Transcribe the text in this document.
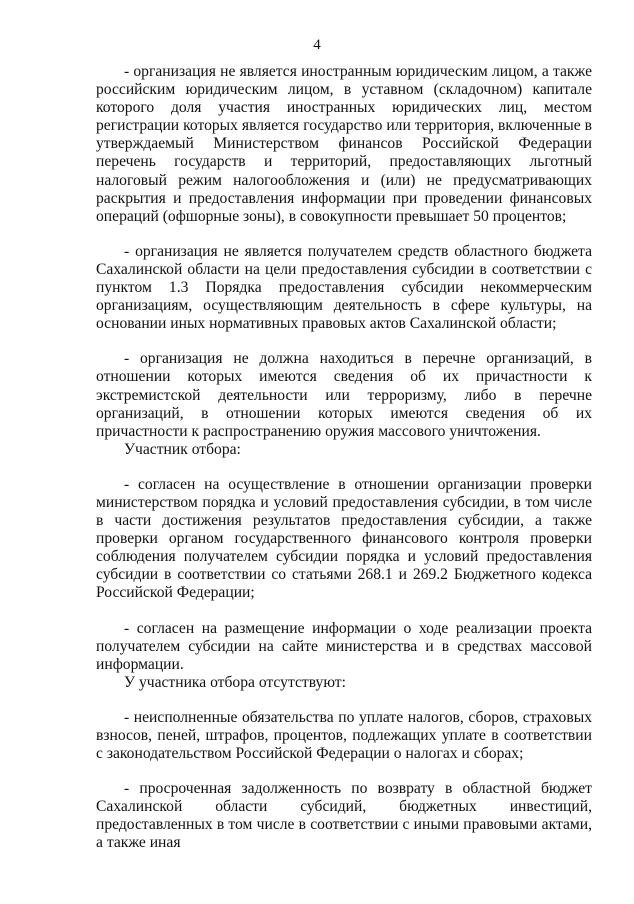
4

- организация не является иностранным юридическим лицом, а также российским юридическим лицом, в уставном (складочном) капитале которого доля участия иностранных юридических лиц, местом регистрации которых является государство или территория, включенные в утверждаемый Министерством финансов Российской Федерации перечень государств и территорий, предоставляющих льготный налоговый режим налогообложения и (или) не предусматривающих раскрытия и предоставления информации при проведении финансовых операций (офшорные зоны), в совокупности превышает 50 процентов;

- организация не является получателем средств областного бюджета Сахалинской области на цели предоставления субсидии в соответствии с пунктом 1.3 Порядка предоставления субсидии некоммерческим организациям, осуществляющим деятельность в сфере культуры, на основании иных нормативных правовых актов Сахалинской области;

- организация не должна находиться в перечне организаций, в отношении которых имеются сведения об их причастности к экстремистской деятельности или терроризму, либо в перечне организаций, в отношении которых имеются сведения об их причастности к распространению оружия массового уничтожения.

Участник отбора:

- согласен на осуществление в отношении организации проверки министерством порядка и условий предоставления субсидии, в том числе в части достижения результатов предоставления субсидии, а также проверки органом государственного финансового контроля проверки соблюдения получателем субсидии порядка и условий предоставления субсидии в соответствии со статьями 268.1 и 269.2 Бюджетного кодекса Российской Федерации;

- согласен на размещение информации о ходе реализации проекта получателем субсидии на сайте министерства и в средствах массовой информации.

У участника отбора отсутствуют:

- неисполненные обязательства по уплате налогов, сборов, страховых взносов, пеней, штрафов, процентов, подлежащих уплате в соответствии с законодательством Российской Федерации о налогах и сборах;

- просроченная задолженность по возврату в областной бюджет Сахалинской области субсидий, бюджетных инвестиций, предоставленных в том числе в соответствии с иными правовыми актами, а также иная
